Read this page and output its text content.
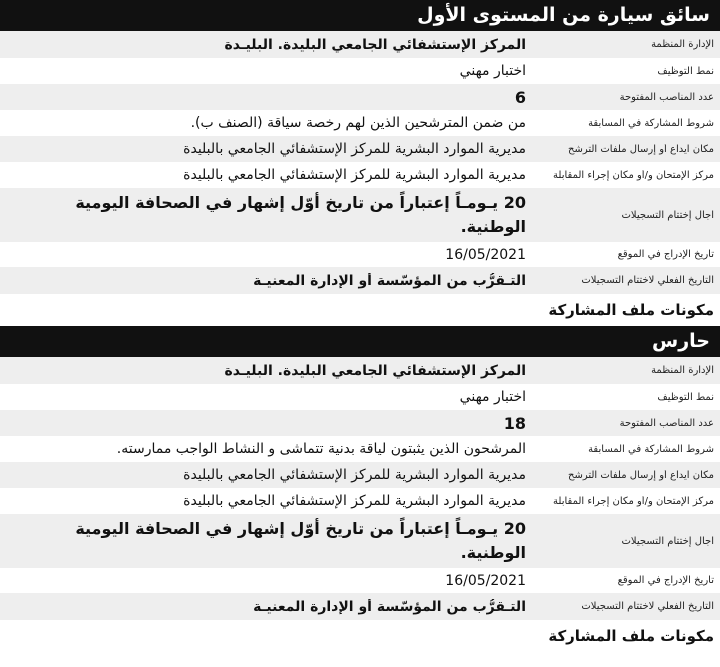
سائق سيارة من المستوى الأول
الإدارة المنظمة
المركز الإستشفائي الجامعي البليدة. البليـدة
نمط التوظيف
اختبار مهني
عدد المناصب المفتوحة
6
شروط المشاركة في المسابقة
من ضمن المترشحين الذين لهم رخصة سياقة (الصنف ب).
مكان ايداع أو إرسال ملفات الترشح
مديرية الموارد البشرية للمركز الإستشفائي الجامعي بالبليدة
مركز الإمتحان و/أو مكان إجراء المقابلة
مديرية الموارد البشرية للمركز الإستشفائي الجامعي بالبليدة
آجال إختتام التسجيلات
20 يـومـاً إعتباراً من تاريخ أوّل إشهار في الصحافة اليومية الوطنية.
تاريخ الإدراج في الموقع
16/05/2021
التاريخ الفعلي لاختتام التسجيلات
التـقرُّب من المؤسّسة أو الإدارة المعنيـة
مكونات ملف المشاركة
حارس
الإدارة المنظمة
المركز الإستشفائي الجامعي البليدة. البليـدة
نمط التوظيف
اختبار مهني
عدد المناصب المفتوحة
18
شروط المشاركة في المسابقة
المرشحون الذين يثبتون لياقة بدنية تتماشى و النشاط الواجب ممارسته.
مكان ايداع أو إرسال ملفات الترشح
مديرية الموارد البشرية للمركز الإستشفائي الجامعي بالبليدة
مركز الإمتحان و/أو مكان إجراء المقابلة
مديرية الموارد البشرية للمركز الإستشفائي الجامعي بالبليدة
آجال إختتام التسجيلات
20 يـومـاً إعتباراً من تاريخ أوّل إشهار في الصحافة اليومية الوطنية.
تاريخ الإدراج في الموقع
16/05/2021
التاريخ الفعلي لاختتام التسجيلات
التـقرُّب من المؤسّسة أو الإدارة المعنيـة
مكونات ملف المشاركة
